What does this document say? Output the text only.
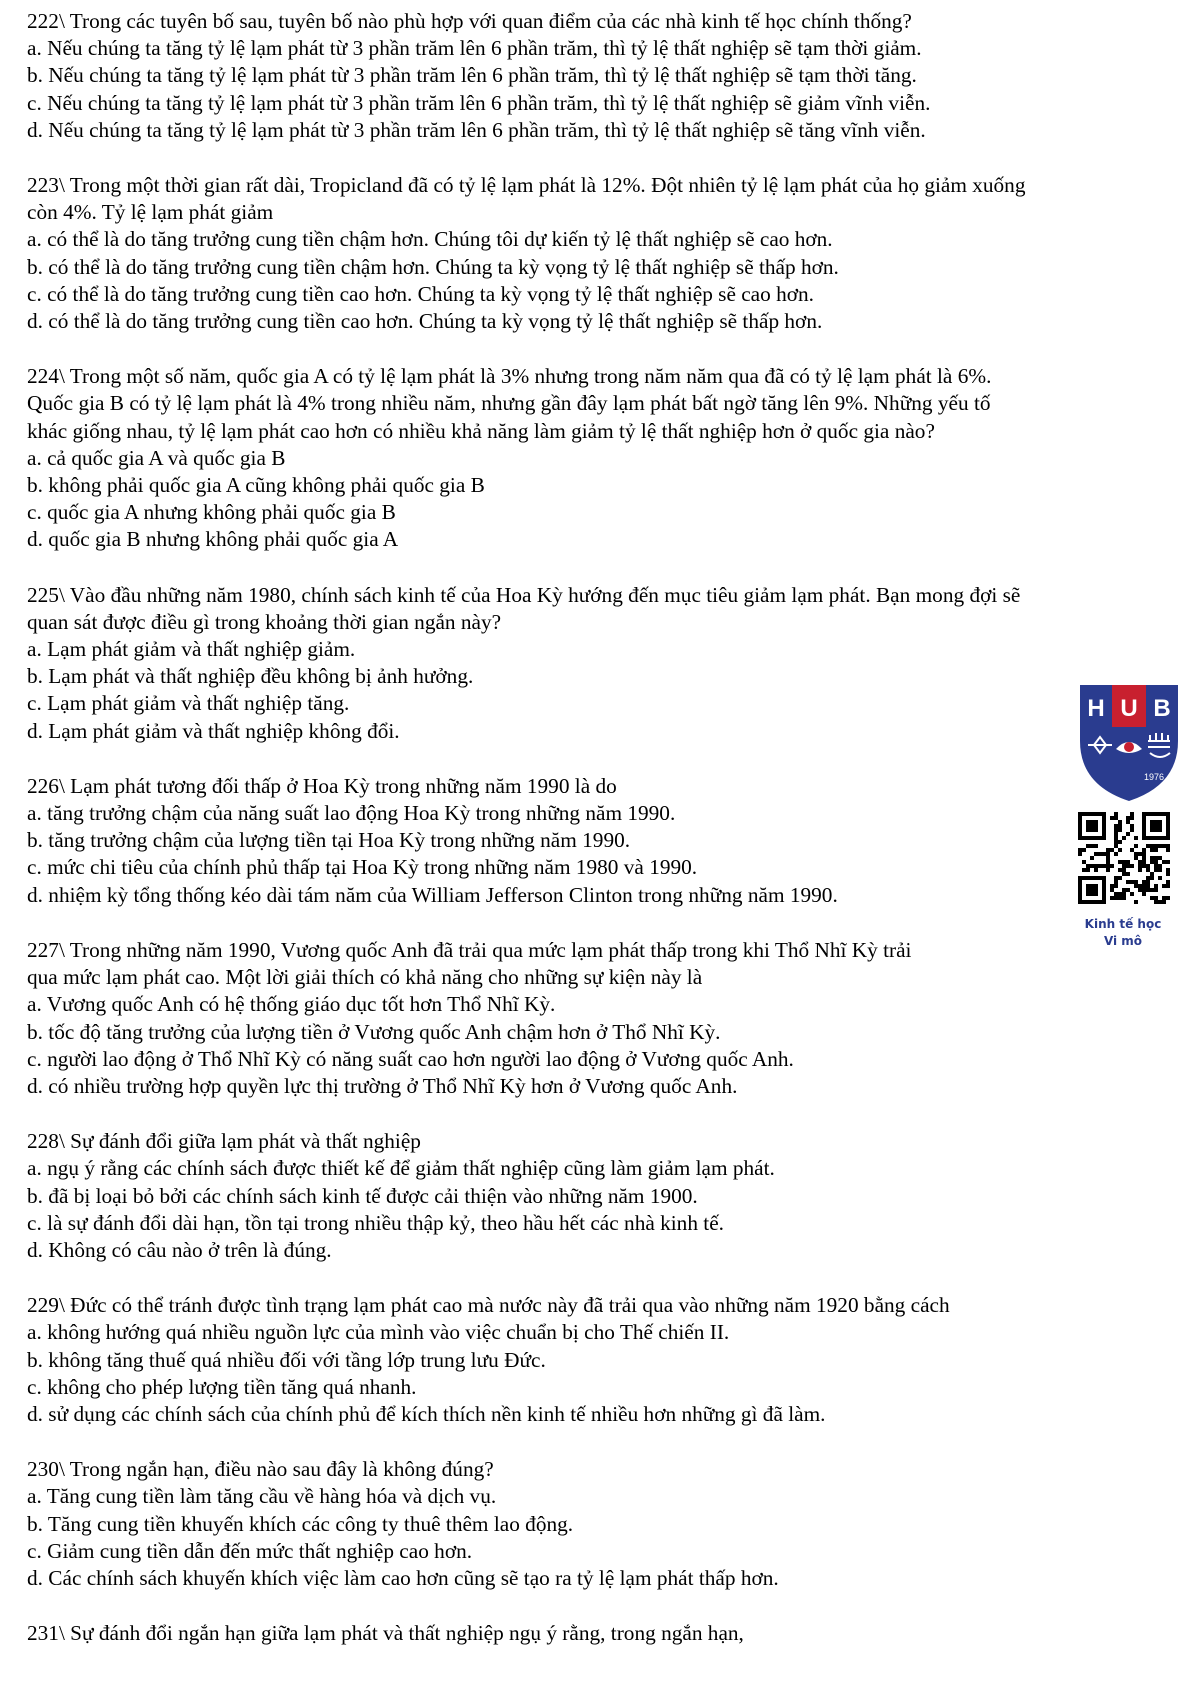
222\ Trong các tuyên bố sau, tuyên bố nào phù hợp với quan điểm của các nhà kinh tế học chính thống?
a. Nếu chúng ta tăng tỷ lệ lạm phát từ 3 phần trăm lên 6 phần trăm, thì tỷ lệ thất nghiệp sẽ tạm thời giảm.
b. Nếu chúng ta tăng tỷ lệ lạm phát từ 3 phần trăm lên 6 phần trăm, thì tỷ lệ thất nghiệp sẽ tạm thời tăng.
c. Nếu chúng ta tăng tỷ lệ lạm phát từ 3 phần trăm lên 6 phần trăm, thì tỷ lệ thất nghiệp sẽ giảm vĩnh viễn.
d. Nếu chúng ta tăng tỷ lệ lạm phát từ 3 phần trăm lên 6 phần trăm, thì tỷ lệ thất nghiệp sẽ tăng vĩnh viễn.
223\ Trong một thời gian rất dài, Tropicland đã có tỷ lệ lạm phát là 12%. Đột nhiên tỷ lệ lạm phát của họ giảm xuống
còn 4%. Tỷ lệ lạm phát giảm
a. có thể là do tăng trưởng cung tiền chậm hơn. Chúng tôi dự kiến tỷ lệ thất nghiệp sẽ cao hơn.
b. có thể là do tăng trưởng cung tiền chậm hơn. Chúng ta kỳ vọng tỷ lệ thất nghiệp sẽ thấp hơn.
c. có thể là do tăng trưởng cung tiền cao hơn. Chúng ta kỳ vọng tỷ lệ thất nghiệp sẽ cao hơn.
d. có thể là do tăng trưởng cung tiền cao hơn. Chúng ta kỳ vọng tỷ lệ thất nghiệp sẽ thấp hơn.
224\ Trong một số năm, quốc gia A có tỷ lệ lạm phát là 3% nhưng trong năm năm qua đã có tỷ lệ lạm phát là 6%.
Quốc gia B có tỷ lệ lạm phát là 4% trong nhiều năm, nhưng gần đây lạm phát bất ngờ tăng lên 9%. Những yếu tố
khác giống nhau, tỷ lệ lạm phát cao hơn có nhiều khả năng làm giảm tỷ lệ thất nghiệp hơn ở quốc gia nào?
a. cả quốc gia A và quốc gia B
b. không phải quốc gia A cũng không phải quốc gia B
c. quốc gia A nhưng không phải quốc gia B
d. quốc gia B nhưng không phải quốc gia A
225\ Vào đầu những năm 1980, chính sách kinh tế của Hoa Kỳ hướng đến mục tiêu giảm lạm phát. Bạn mong đợi sẽ
quan sát được điều gì trong khoảng thời gian ngắn này?
a. Lạm phát giảm và thất nghiệp giảm.
b. Lạm phát và thất nghiệp đều không bị ảnh hưởng.
c. Lạm phát giảm và thất nghiệp tăng.
d. Lạm phát giảm và thất nghiệp không đổi.
226\ Lạm phát tương đối thấp ở Hoa Kỳ trong những năm 1990 là do
a. tăng trưởng chậm của năng suất lao động Hoa Kỳ trong những năm 1990.
b. tăng trưởng chậm của lượng tiền tại Hoa Kỳ trong những năm 1990.
c. mức chi tiêu của chính phủ thấp tại Hoa Kỳ trong những năm 1980 và 1990.
d. nhiệm kỳ tổng thống kéo dài tám năm của William Jefferson Clinton trong những năm 1990.
227\ Trong những năm 1990, Vương quốc Anh đã trải qua mức lạm phát thấp trong khi Thổ Nhĩ Kỳ trải
qua mức lạm phát cao. Một lời giải thích có khả năng cho những sự kiện này là
a. Vương quốc Anh có hệ thống giáo dục tốt hơn Thổ Nhĩ Kỳ.
b. tốc độ tăng trưởng của lượng tiền ở Vương quốc Anh chậm hơn ở Thổ Nhĩ Kỳ.
c. người lao động ở Thổ Nhĩ Kỳ có năng suất cao hơn người lao động ở Vương quốc Anh.
d. có nhiều trường hợp quyền lực thị trường ở Thổ Nhĩ Kỳ hơn ở Vương quốc Anh.
228\ Sự đánh đổi giữa lạm phát và thất nghiệp
a. ngụ ý rằng các chính sách được thiết kế để giảm thất nghiệp cũng làm giảm lạm phát.
b. đã bị loại bỏ bởi các chính sách kinh tế được cải thiện vào những năm 1900.
c. là sự đánh đổi dài hạn, tồn tại trong nhiều thập kỷ, theo hầu hết các nhà kinh tế.
d. Không có câu nào ở trên là đúng.
229\ Đức có thể tránh được tình trạng lạm phát cao mà nước này đã trải qua vào những năm 1920 bằng cách
a. không hướng quá nhiều nguồn lực của mình vào việc chuẩn bị cho Thế chiến II.
b. không tăng thuế quá nhiều đối với tầng lớp trung lưu Đức.
c. không cho phép lượng tiền tăng quá nhanh.
d. sử dụng các chính sách của chính phủ để kích thích nền kinh tế nhiều hơn những gì đã làm.
230\ Trong ngắn hạn, điều nào sau đây là không đúng?
a. Tăng cung tiền làm tăng cầu về hàng hóa và dịch vụ.
b. Tăng cung tiền khuyến khích các công ty thuê thêm lao động.
c. Giảm cung tiền dẫn đến mức thất nghiệp cao hơn.
d. Các chính sách khuyến khích việc làm cao hơn cũng sẽ tạo ra tỷ lệ lạm phát thấp hơn.
231\ Sự đánh đổi ngắn hạn giữa lạm phát và thất nghiệp ngụ ý rằng, trong ngắn hạn,
H U B
1976
Kinh tế học
Vi mô
